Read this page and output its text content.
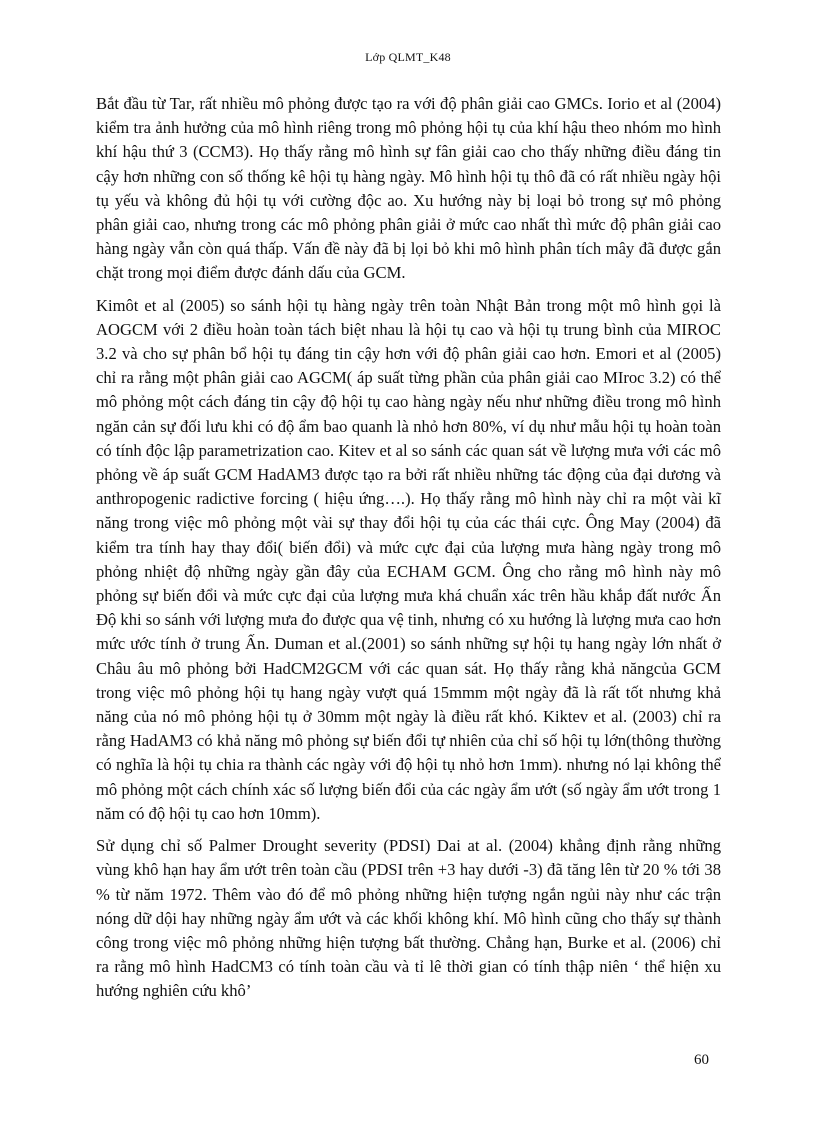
Lớp QLMT_K48

Bắt đầu từ Tar, rất nhiều mô phỏng được tạo ra với độ phân giải cao GMCs. Iorio et al (2004) kiểm tra ảnh hưởng của mô hình riêng trong mô phỏng hội tụ của khí hậu theo nhóm mo hình khí hậu thứ 3 (CCM3). Họ thấy rằng mô hình sự fân giải cao cho thấy những điều đáng tin cậy hơn những con số thống kê hội tụ hàng ngày. Mô hình hội tụ thô đã có rất nhiều ngày hội tụ yếu và không đủ hội tụ với cường độc ao. Xu hướng này bị loại bỏ trong sự mô phỏng phân giải cao, nhưng trong các mô phỏng phân giải ở mức cao nhất thì mức độ phân giải cao hàng ngày vẫn còn quá thấp. Vấn đề này đã bị lọi bỏ khi mô hình phân tích mây đã được gắn chặt trong mọi điểm được đánh dấu của GCM.

Kimôt et al (2005) so sánh hội tụ hàng ngày trên toàn Nhật Bản trong một mô hình gọi là AOGCM với 2 điều hoàn toàn tách biệt nhau là hội tụ cao và hội tụ trung bình của MIROC 3.2 và cho sự phân bổ hội tụ đáng tin cậy hơn với độ phân giải cao hơn. Emori et al (2005) chỉ ra rằng một phân giải cao AGCM( áp suất từng phần của phân giải cao MIroc 3.2) có thể mô phỏng một cách đáng tin cậy độ hội tụ cao hàng ngày nếu như những điều trong mô hình ngăn cản sự đối lưu khi có độ ẩm bao quanh là nhỏ hơn 80%, ví dụ như mẫu hội tụ hoàn toàn có tính độc lập parametrization cao. Kitev et al so sánh các quan sát về lượng mưa với các mô phỏng về áp suất GCM HadAM3 được tạo ra bởi rất nhiều những tác động của đại dương và anthropogenic radictive forcing ( hiệu ứng….). Họ thấy rằng mô hình này chỉ ra một vài kĩ năng trong việc mô phỏng một vài sự thay đổi hội tụ của các thái cực. Ông May (2004) đã kiểm tra tính hay thay đổi( biến đổi) và mức cực đại của lượng mưa hàng ngày trong mô phỏng nhiệt độ những ngày gần đây của ECHAM GCM. Ông cho rằng mô hình này mô phỏng sự biến đổi và mức cực đại của lượng mưa khá chuẩn xác trên hầu khắp đất nước Ấn Độ khi so sánh với lượng mưa đo được qua vệ tinh, nhưng có xu hướng là lượng mưa cao hơn mức ước tính ở trung Ấn. Duman et al.(2001) so sánh những sự hội tụ hang ngày lớn nhất ở Châu âu mô phỏng bởi HadCM2GCM với các quan sát. Họ thấy rằng khả năngcủa GCM trong việc mô phỏng hội tụ hang ngày vượt quá 15mmm một ngày đã là rất tốt nhưng khả năng của nó mô phỏng hội tụ ở 30mm một ngày là điều rất khó. Kiktev et al. (2003) chỉ ra rằng HadAM3 có khả năng mô phỏng sự biến đổi tự nhiên của chỉ số hội tụ lớn(thông thường có nghĩa là hội tụ chia ra thành các ngày với độ hội tụ nhỏ hơn 1mm). nhưng nó lại không thể mô phỏng một cách chính xác số lượng biến đổi của các ngày ẩm ướt (số ngày ẩm ướt trong 1 năm có độ hội tụ cao hơn 10mm).

Sử dụng chỉ số Palmer Drought severity (PDSI) Dai at al. (2004) khẳng định rằng những vùng khô hạn hay ẩm ướt trên toàn cầu (PDSI trên +3 hay dưới -3) đã tăng lên từ 20 % tới 38 % từ năm 1972. Thêm vào đó để mô phỏng những hiện tượng ngắn ngủi này như các trận nóng dữ dội hay những ngày ẩm ướt và các khối không khí. Mô hình cũng cho thấy sự thành công trong việc mô phỏng những hiện tượng bất thường. Chẳng hạn, Burke et al. (2006) chỉ ra rằng mô hình HadCM3 có tính toàn cầu và tỉ lê thời gian có tính thập niên ‘ thể hiện xu hướng nghiên cứu khô’

60
